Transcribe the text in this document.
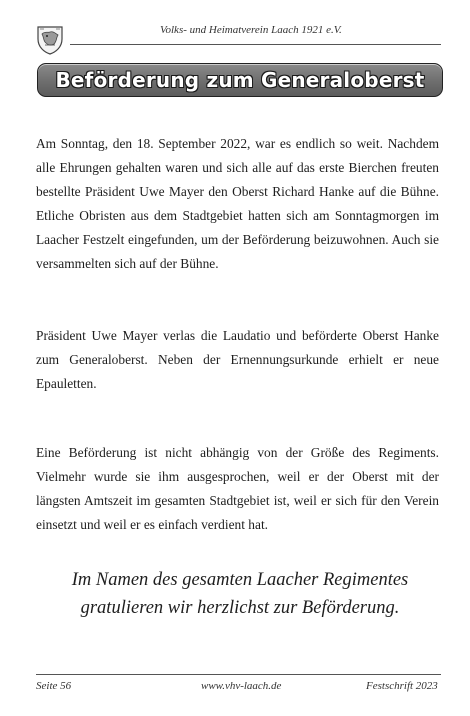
Volks- und Heimatverein Laach 1921 e.V.
Beförderung zum Generaloberst
Am Sonntag, den 18. September 2022, war es endlich so weit. Nachdem alle Ehrungen gehalten waren und sich alle auf das erste Bierchen freuten bestellte Präsident Uwe Mayer den Oberst Richard Hanke auf die Bühne. Etliche Obristen aus dem Stadtgebiet hatten sich am Sonntagmorgen im Laacher Festzelt eingefunden, um der Beförderung beizuwohnen. Auch sie versammelten sich auf der Bühne.
Präsident Uwe Mayer verlas die Laudatio und beförderte Oberst Hanke zum Generaloberst. Neben der Ernennungsurkunde erhielt er neue Epauletten.
Eine Beförderung ist nicht abhängig von der Größe des Regiments. Vielmehr wurde sie ihm ausgesprochen, weil er der Oberst mit der längsten Amtszeit im gesamten Stadtgebiet ist, weil er sich für den Verein einsetzt und weil er es einfach verdient hat.
Im Namen des gesamten Laacher Regimentes
gratulieren wir herzlichst zur Beförderung.
Seite 56	www.vhv-laach.de	Festschrift 2023
